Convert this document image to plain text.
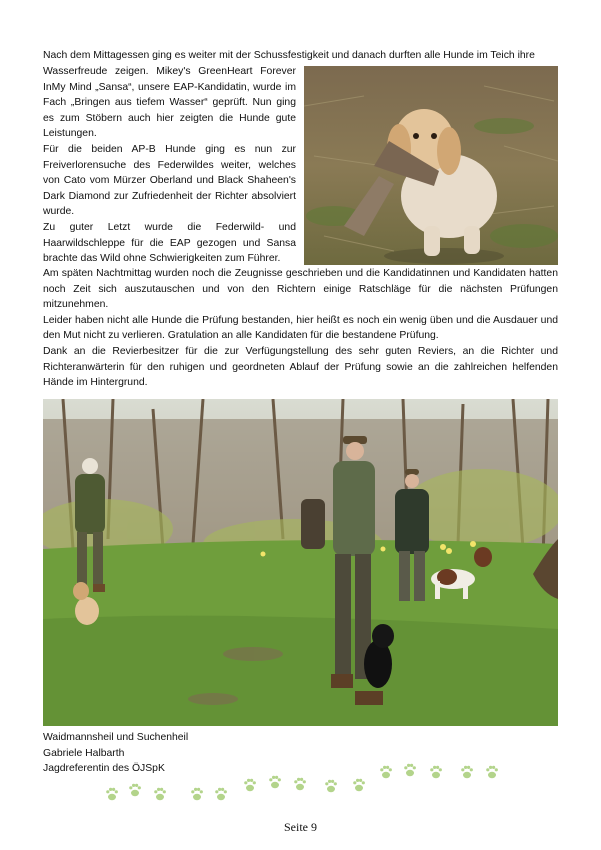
Nach dem Mittagessen ging es weiter mit der Schussfestigkeit und danach durften alle Hunde im Teich ihre

Wasserfreude zeigen. Mikey's GreenHeart Forever InMy Mind „Sansa“, unsere EAP-Kandidatin, wurde im Fach „Bringen aus tiefem Wasser“ geprüft. Nun ging es zum Stöbern auch hier zeigten die Hunde gute Leistungen.

Für die beiden AP-B Hunde ging es nun zur Freiverlorensuche des Federwildes weiter, welches von Cato vom Mürzer Oberland und Black Shaheen's Dark Diamond zur Zufriedenheit der Richter absolviert wurde.

Zu guter Letzt wurde die Federwild- und Haarwildschleppe für die EAP gezogen und Sansa brachte das Wild ohne Schwierigkeiten zum Führer.

Am späten Nachtmittag wurden noch die Zeugnisse geschrieben und die Kandidatinnen und Kandidaten hatten noch Zeit sich auszutauschen und von den Richtern einige Ratschläge für die nächsten Prüfungen mitzunehmen.

Leider haben nicht alle Hunde die Prüfung bestanden, hier heißt es noch ein wenig üben und die Ausdauer und den Mut nicht zu verlieren. Gratulation an alle Kandidaten für die bestandene Prüfung.

Dank an die Revierbesitzer für die zur Verfügungstellung des sehr guten Reviers, an die Richter und Richteranwärterin für den ruhigen und geordneten Ablauf der Prüfung sowie an die zahlreichen helfenden Hände im Hintergrund.

Waidmannsheil und Suchenheil
Gabriele Halbarth
Jagdreferentin des ÖJSpK
Seite 9
